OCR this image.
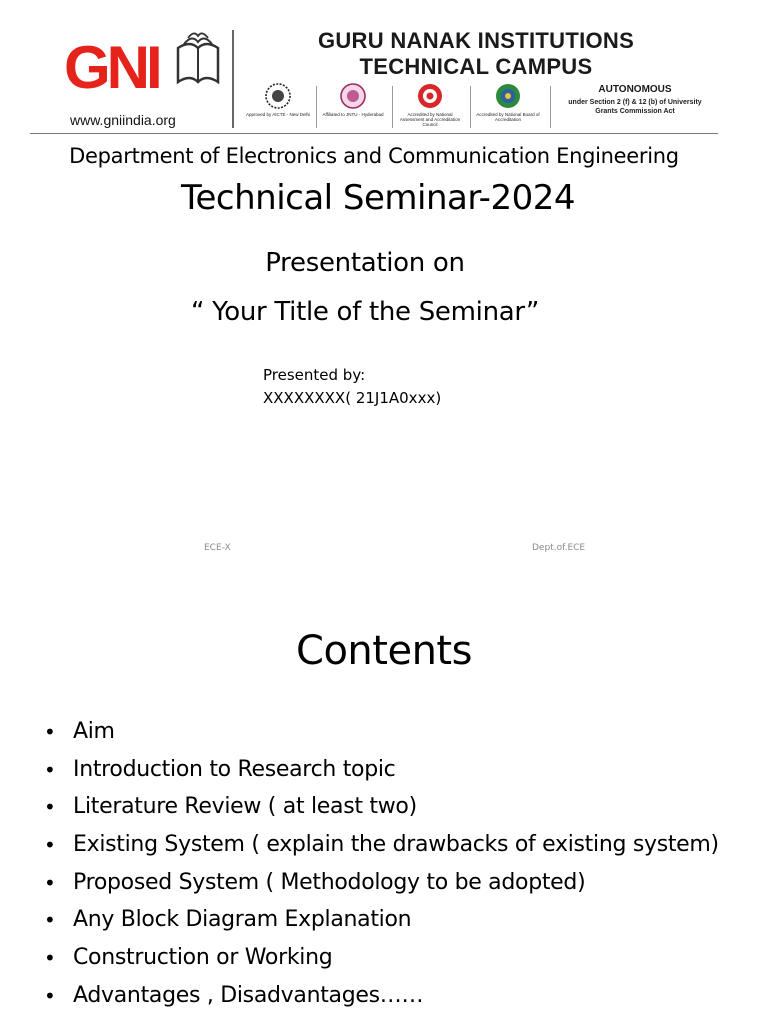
GNI
www.gniindia.org
GURU NANAK INSTITUTIONS
TECHNICAL CAMPUS
Approved by AICTE - New Delhi	Affiliated to JNTU - Hyderabad	Accredited by National Assessment and Accreditation Council
Accredited by National Board of Accreditation
AUTONOMOUS
under Section 2 (f) & 12 (b) of University Grants Commission Act
Department of Electronics and Communication Engineering
Technical Seminar-2024
Presentation on
“ Your Title of the Seminar”
Presented by:
XXXXXXXX( 21J1A0xxx)
ECE-X	Dept.of.ECE
Contents
• Aim
• Introduction to Research topic
• Literature Review ( at least two)
• Existing System ( explain the drawbacks of existing system)
• Proposed System ( Methodology to be adopted)
• Any Block Diagram Explanation
• Construction or Working
• Advantages , Disadvantages……
